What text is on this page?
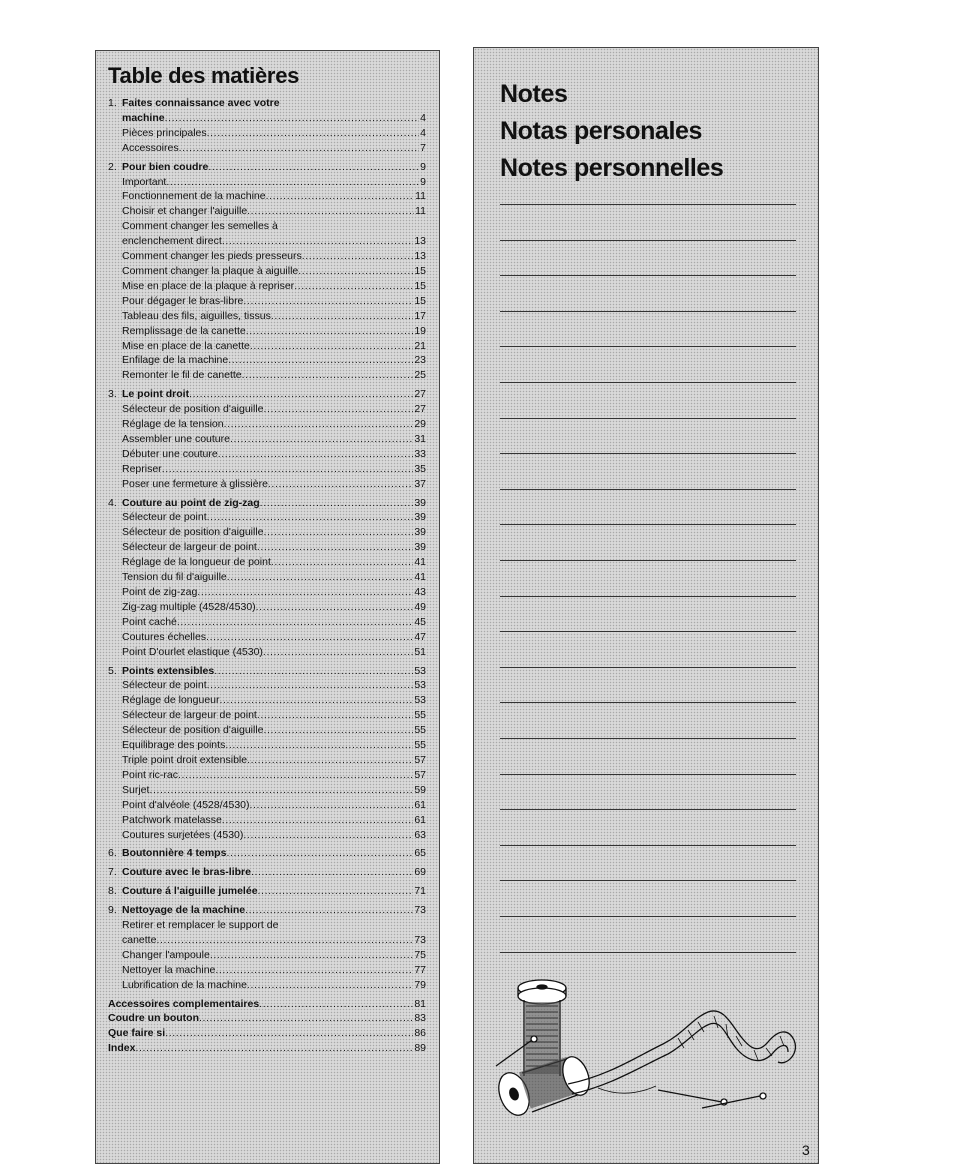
Table des matières
1. Faites connaissance avec votre
machine .....	4
Pièces principales .....	4
Accessoires .....	7
2. Pour bien coudre .....	9
Important .....	9
Fonctionnement de la machine .....	11
Choisir et changer l'aiguille .....	11
Comment changer les semelles à
enclenchement direct .....	13
Comment changer les pieds presseurs .....	13
Comment changer la plaque à aiguille .....	15
Mise en place de la plaque à repriser .....	15
Pour dégager le bras-libre .....	15
Tableau des fils, aiguilles, tissus .....	17
Remplissage de la canette .....	19
Mise en place de la canette .....	21
Enfilage de la machine .....	23
Remonter le fil de canette .....	25
3. Le point droit .....	27
Sélecteur de position d'aiguille .....	27
Réglage de la tension .....	29
Assembler une couture .....	31
Débuter une couture .....	33
Repriser .....	35
Poser une fermeture à glissière .....	37
4. Couture au point de zig-zag .....	39
Sélecteur de point .....	39
Sélecteur de position d'aiguille .....	39
Sélecteur de largeur de point .....	39
Réglage de la longueur de point .....	41
Tension du fil d'aiguille .....	41
Point de zig-zag .....	43
Zig-zag multiple (4528/4530) .....	49
Point caché .....	45
Coutures échelles .....	47
Point D'ourlet elastique (4530) .....	51
5. Points extensibles .....	53
Sélecteur de point .....	53
Réglage de longueur .....	53
Sélecteur de largeur de point .....	55
Sélecteur de position d'aiguille .....	55
Equilibrage des points .....	55
Triple point droit extensible .....	57
Point ric-rac .....	57
Surjet .....	59
Point d'alvéole (4528/4530) .....	61
Patchwork matelasse .....	61
Coutures surjetées (4530) .....	63
6. Boutonnière 4 temps .....	65
7. Couture avec le bras-libre .....	69
8. Couture á l'aiguille jumelée .....	71
9. Nettoyage de la machine .....	73
Retirer et remplacer le support de
canette .....	73
Changer l'ampoule .....	75
Nettoyer la machine .....	77
Lubrification de la machine .....	79
Accessoires complementaires .....	81
Coudre un bouton .....	83
Que faire si .....	86
Index .....	89
Notes
Notas personales
Notes personnelles
3
